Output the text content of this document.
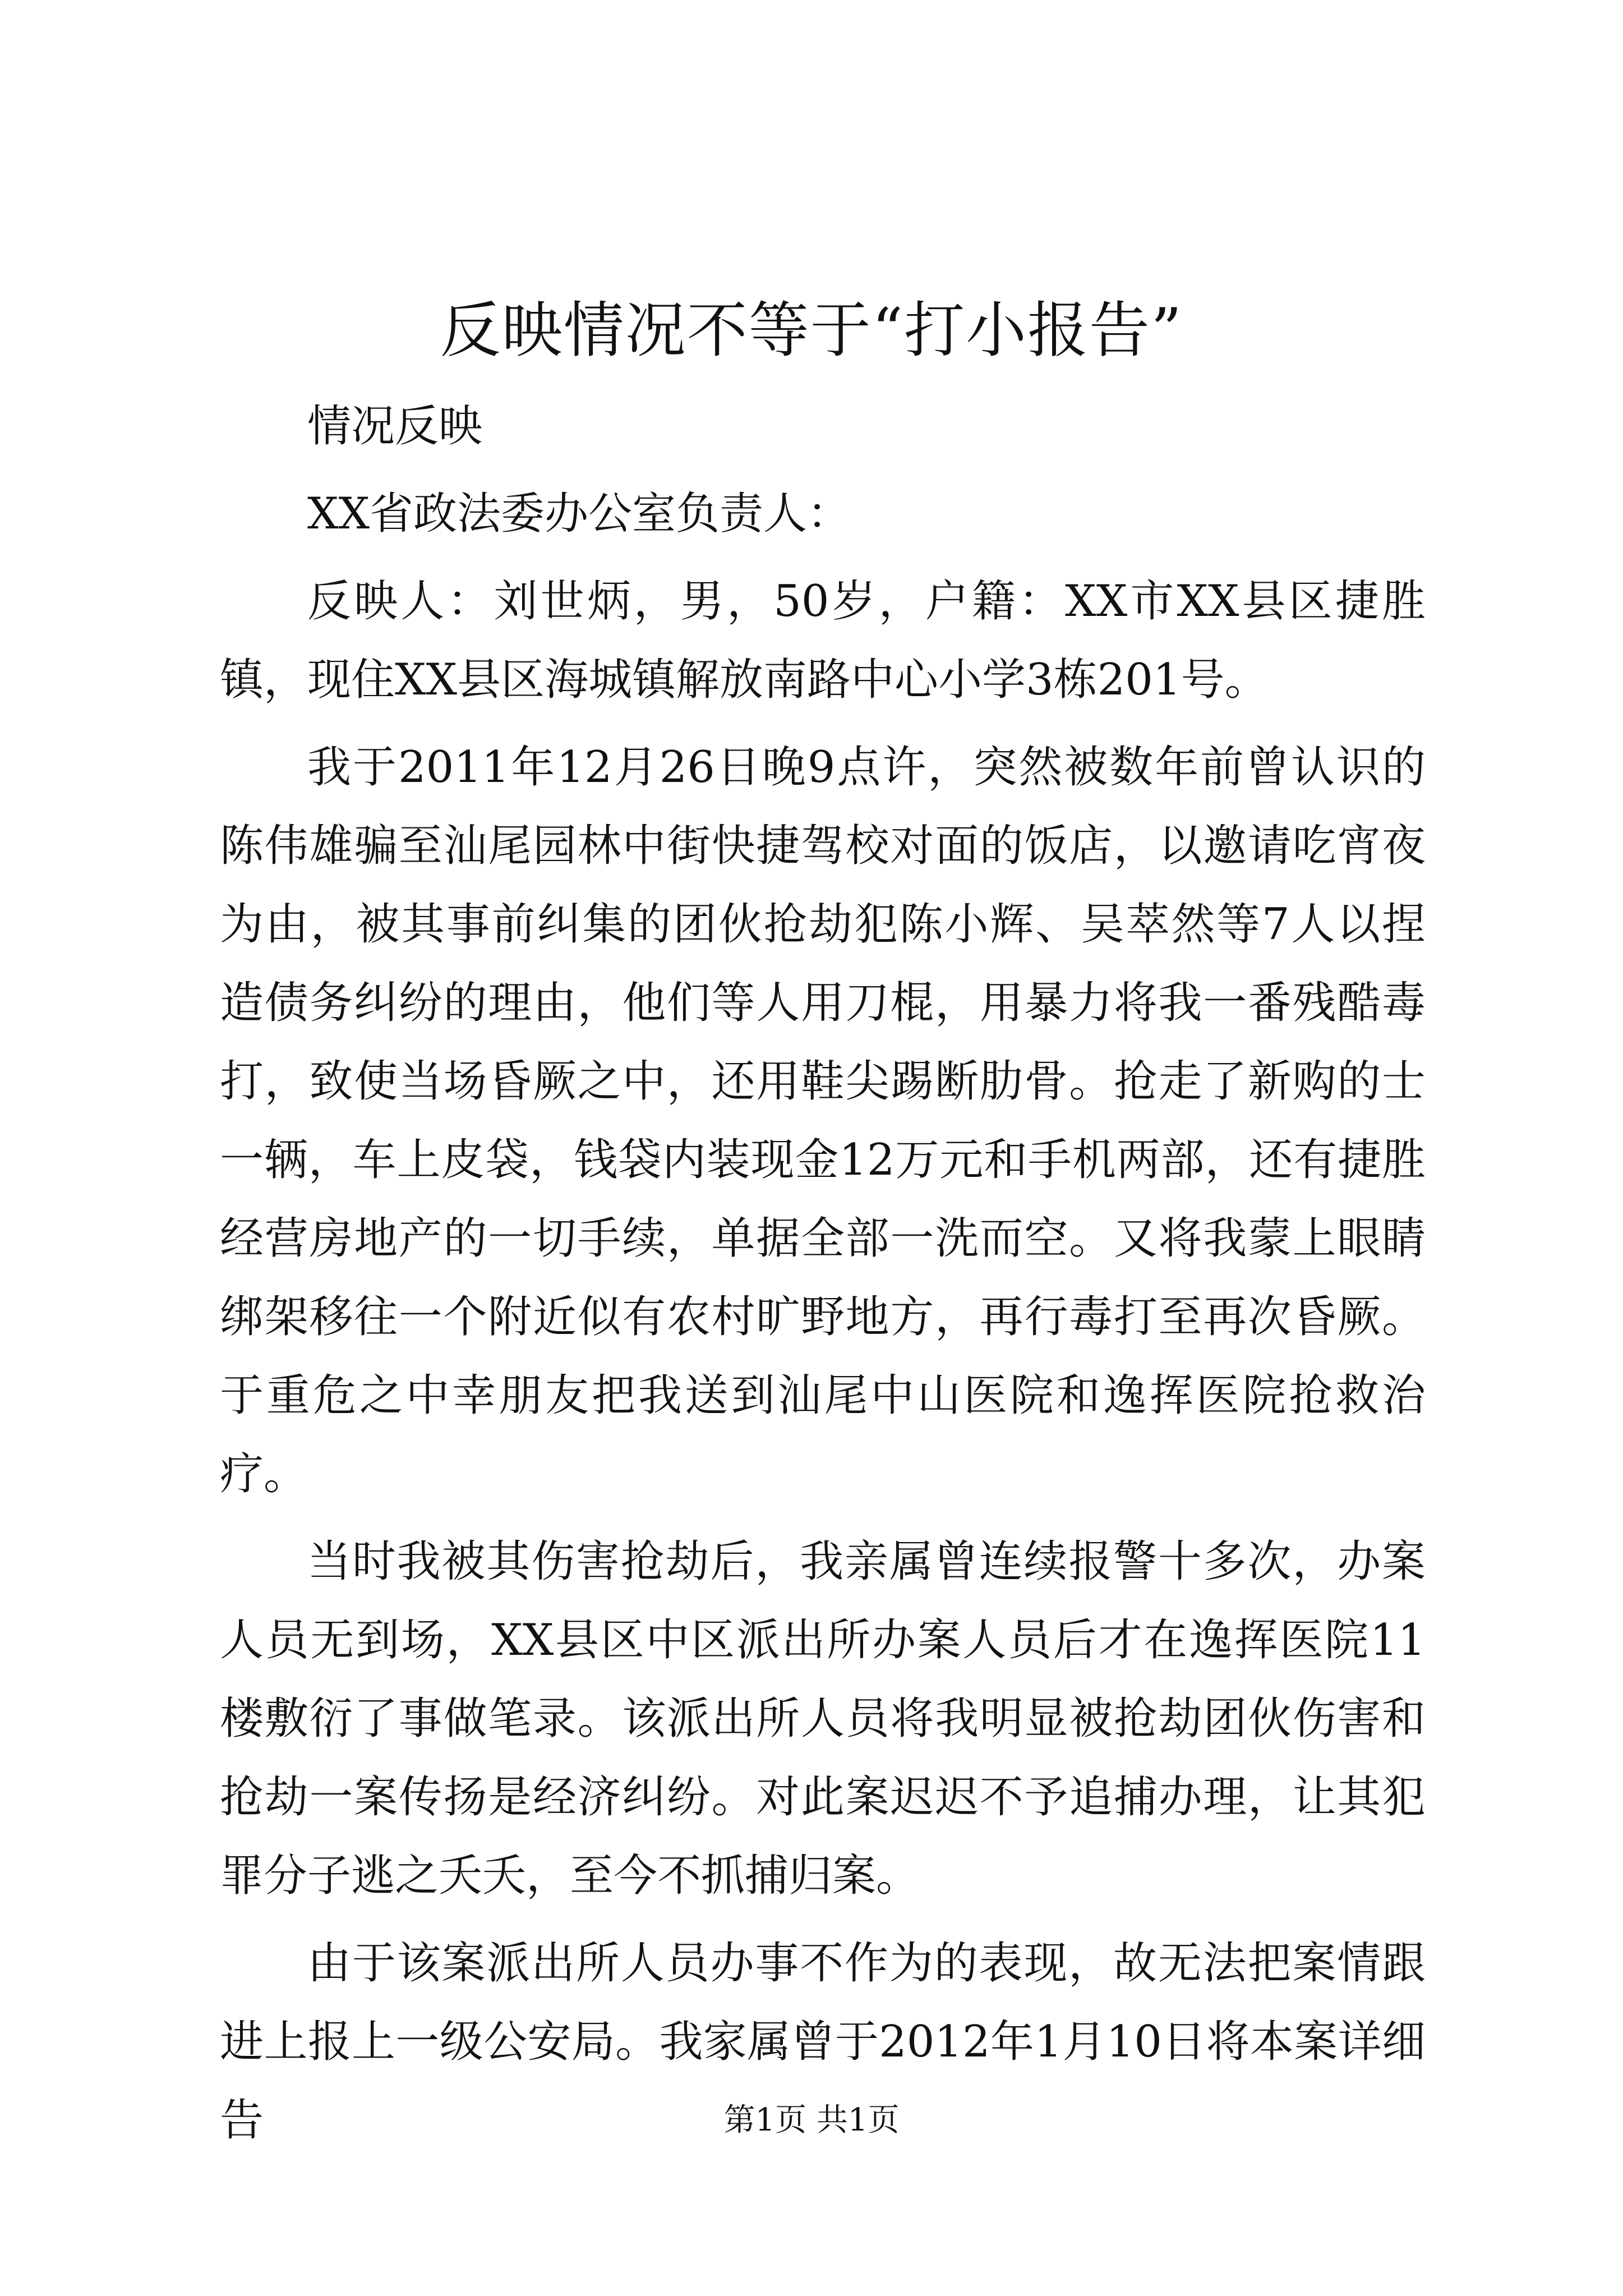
反映情况不等于“打小报告”

情况反映

XX省政法委办公室负责人：

反映人：刘世炳，男，50岁，户籍：XX市XX县区捷胜镇，现住XX县区海城镇解放南路中心小学3栋201号。

我于2011年12月26日晚9点许，突然被数年前曾认识的陈伟雄骗至汕尾园林中街快捷驾校对面的饭店，以邀请吃宵夜为由，被其事前纠集的团伙抢劫犯陈小辉、吴萃然等7人以捏造债务纠纷的理由，他们等人用刀棍，用暴力将我一番残酷毒打，致使当场昏厥之中，还用鞋尖踢断肋骨。抢走了新购的士一辆，车上皮袋，钱袋内装现金12万元和手机两部，还有捷胜经营房地产的一切手续，单据全部一洗而空。又将我蒙上眼睛绑架移往一个附近似有农村旷野地方，再行毒打至再次昏厥。于重危之中幸朋友把我送到汕尾中山医院和逸挥医院抢救治疗。

当时我被其伤害抢劫后，我亲属曾连续报警十多次，办案人员无到场，XX县区中区派出所办案人员后才在逸挥医院11楼敷衍了事做笔录。该派出所人员将我明显被抢劫团伙伤害和抢劫一案传扬是经济纠纷。对此案迟迟不予追捕办理，让其犯罪分子逃之夭夭，至今不抓捕归案。

由于该案派出所人员办事不作为的表现，故无法把案情跟进上报上一级公安局。我家属曾于2012年1月10日将本案详细告	第1页 共1页
